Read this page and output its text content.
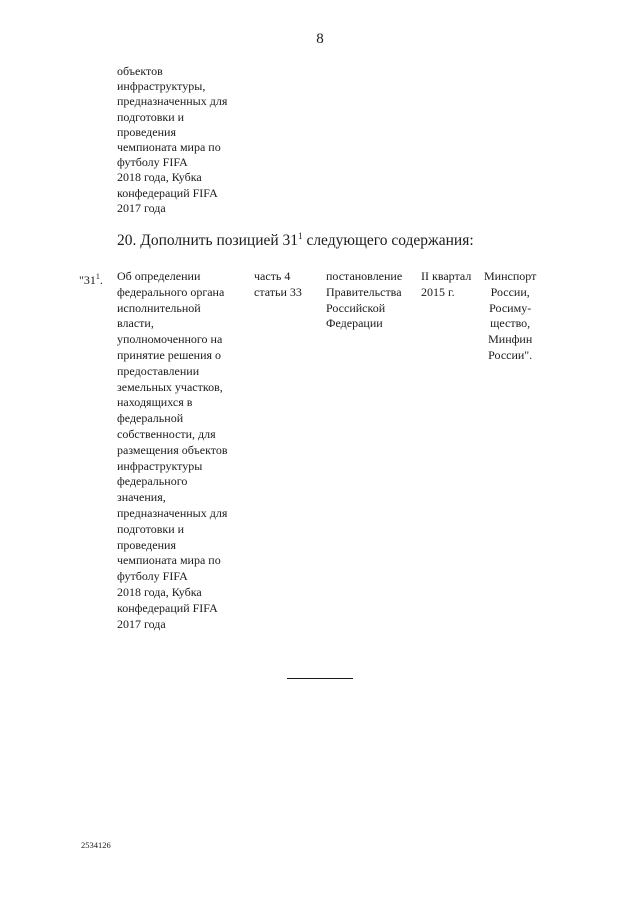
8
объектов
инфраструктуры,
предназначенных для
подготовки и
проведения
чемпионата мира по
футболу FIFA
2018 года, Кубка
конфедераций FIFA
2017 года
20. Дополнить позицией $31^1$ следующего содержания:
"$31^1$. Об определении
федерального органа
исполнительной
власти,
уполномоченного на
принятие решения о
предоставлении
земельных участков,
находящихся в
федеральной
собственности, для
размещения объектов
инфраструктуры
федерального
значения,
предназначенных для
подготовки и
проведения
чемпионата мира по
футболу FIFA
2018 года, Кубка
конфедераций FIFA
2017 года
часть 4
статьи 33
постановление
Правительства
Российской
Федерации
II квартал
2015 г.
Минспорт
России,
Росиму-
щество,
Минфин
России".
2534126
